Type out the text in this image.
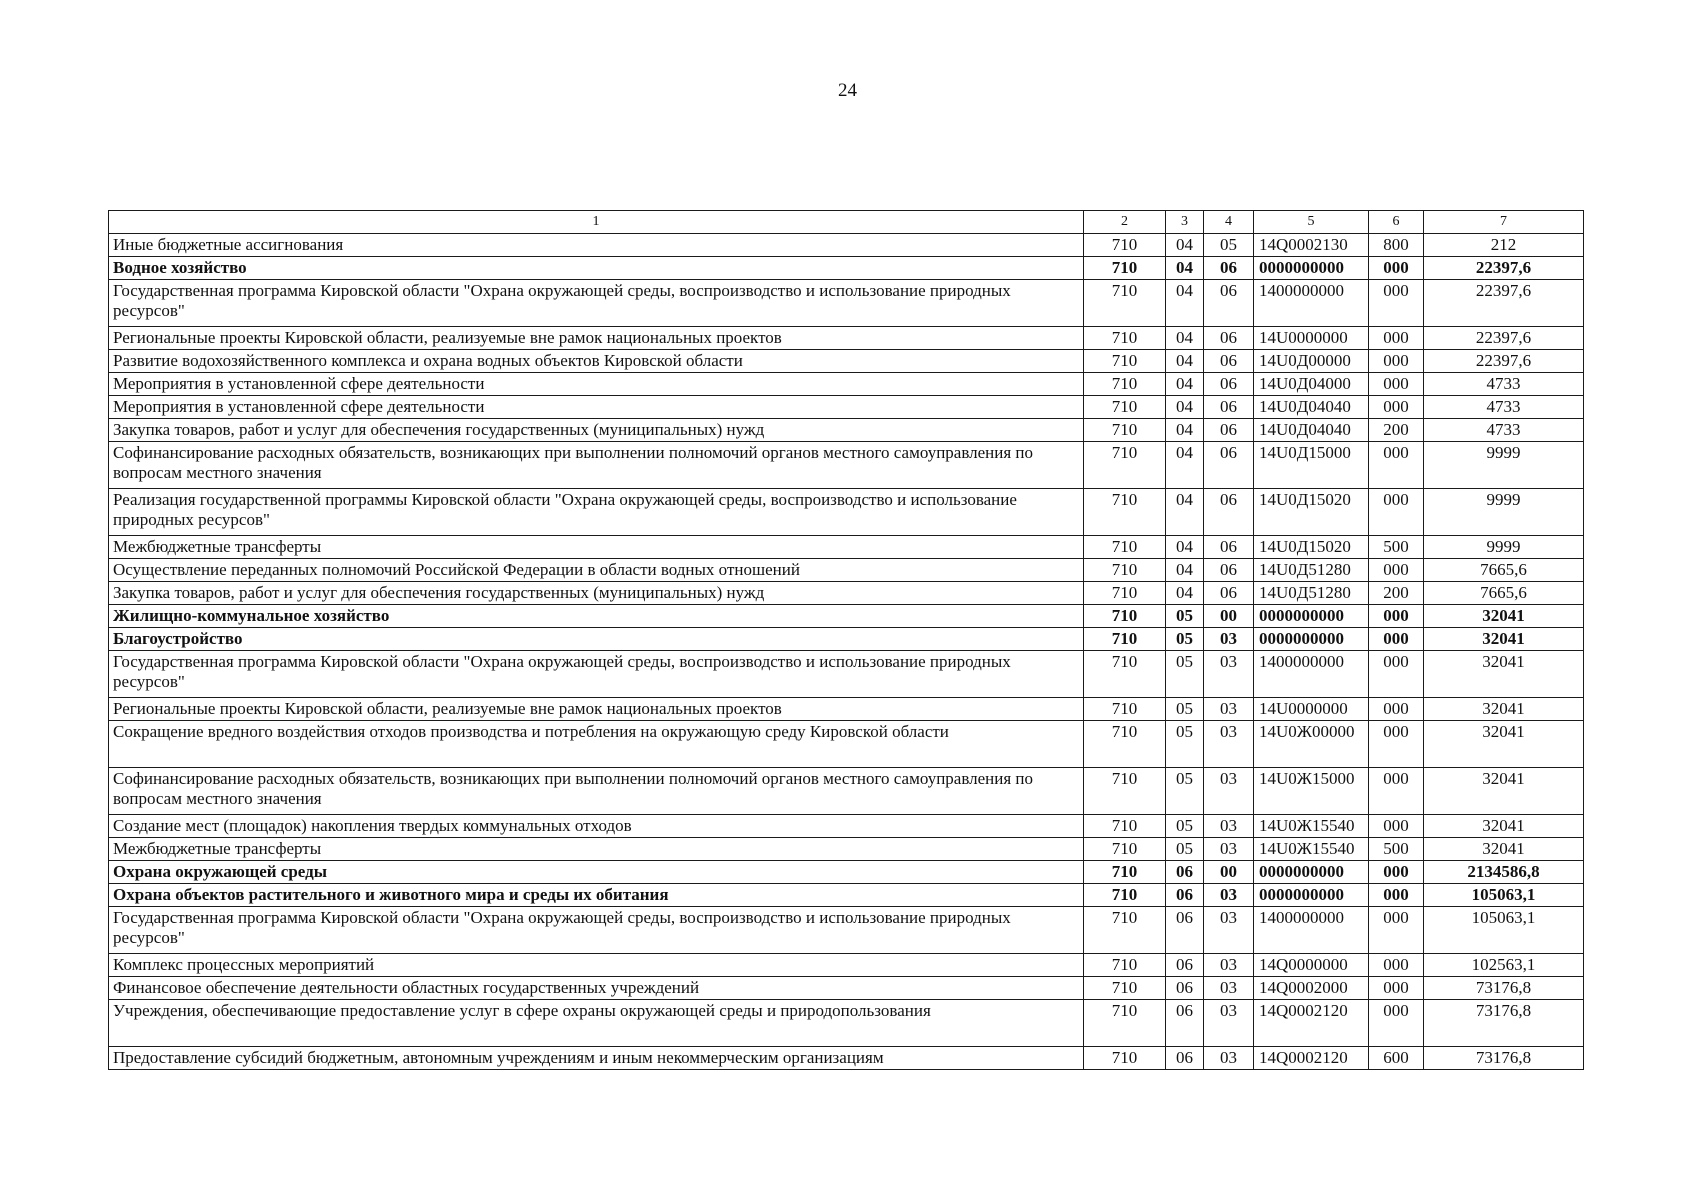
24
1	2	3	4	5	6	7
Иные бюджетные ассигнования	710	04	05	14Q0002130	800	212
Водное хозяйство	710	04	06	0000000000	000	22397,6
Государственная программа Кировской области "Охрана окружающей среды, воспроизводство и использование природных ресурсов"	710	04	06	1400000000	000	22397,6
Региональные проекты Кировской области, реализуемые вне рамок национальных проектов	710	04	06	14U0000000	000	22397,6
Развитие водохозяйственного комплекса и охрана водных объектов Кировской области	710	04	06	14U0Д00000	000	22397,6
Мероприятия в установленной сфере деятельности	710	04	06	14U0Д04000	000	4733
Мероприятия в установленной сфере деятельности	710	04	06	14U0Д04040	000	4733
Закупка товаров, работ и услуг для обеспечения государственных (муниципальных) нужд	710	04	06	14U0Д04040	200	4733
Софинансирование расходных обязательств, возникающих при выполнении полномочий органов местного самоуправления по вопросам местного значения	710	04	06	14U0Д15000	000	9999
Реализация государственной программы Кировской области "Охрана окружающей среды, воспроизводство и использование природных ресурсов"	710	04	06	14U0Д15020	000	9999
Межбюджетные трансферты	710	04	06	14U0Д15020	500	9999
Осуществление переданных полномочий Российской Федерации в области водных отношений	710	04	06	14U0Д51280	000	7665,6
Закупка товаров, работ и услуг для обеспечения государственных (муниципальных) нужд	710	04	06	14U0Д51280	200	7665,6
Жилищно-коммунальное хозяйство	710	05	00	0000000000	000	32041
Благоустройство	710	05	03	0000000000	000	32041
Государственная программа Кировской области "Охрана окружающей среды, воспроизводство и использование природных ресурсов"	710	05	03	1400000000	000	32041
Региональные проекты Кировской области, реализуемые вне рамок национальных проектов	710	05	03	14U0000000	000	32041
Сокращение вредного воздействия отходов производства и потребления на окружающую среду Кировской области	710	05	03	14U0Ж00000	000	32041
Софинансирование расходных обязательств, возникающих при выполнении полномочий органов местного самоуправления по вопросам местного значения	710	05	03	14U0Ж15000	000	32041
Создание мест (площадок) накопления твердых коммунальных отходов	710	05	03	14U0Ж15540	000	32041
Межбюджетные трансферты	710	05	03	14U0Ж15540	500	32041
Охрана окружающей среды	710	06	00	0000000000	000	2134586,8
Охрана объектов растительного и животного мира и среды их обитания	710	06	03	0000000000	000	105063,1
Государственная программа Кировской области "Охрана окружающей среды, воспроизводство и использование природных ресурсов"	710	06	03	1400000000	000	105063,1
Комплекс процессных мероприятий	710	06	03	14Q0000000	000	102563,1
Финансовое обеспечение деятельности областных государственных учреждений	710	06	03	14Q0002000	000	73176,8
Учреждения, обеспечивающие предоставление услуг в сфере охраны окружающей среды и природопользования	710	06	03	14Q0002120	000	73176,8
Предоставление субсидий бюджетным, автономным учреждениям и иным некоммерческим организациям	710	06	03	14Q0002120	600	73176,8
